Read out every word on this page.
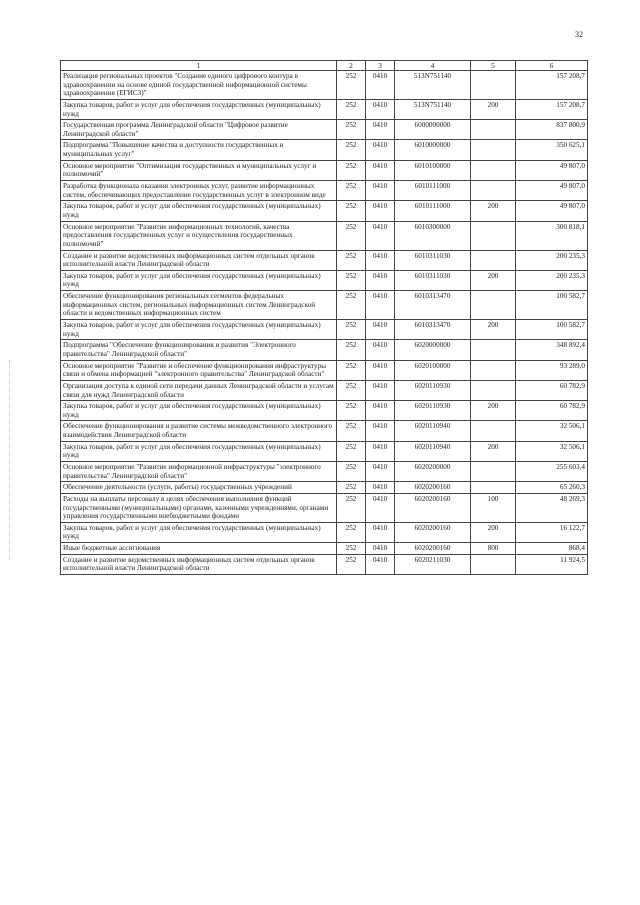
32
1	2	3	4	5	6
Реализация региональных проектов "Создание единого цифрового контура в здравоохранении на основе единой государственной информационной системы здравоохранения (ЕГИСЗ)"	252	0410	513N751140		157 208,7
Закупка товаров, работ и услуг для обеспечения государственных (муниципальных) нужд	252	0410	513N751140	200	157 208,7
Государственная программа Ленинградской области "Цифровое развитие Ленинградской области"	252	0410	6000000000		837 800,9
Подпрограмма "Повышение качества и доступности государственных и муниципальных услуг"	252	0410	6010000000		350 625,1
Основное мероприятие "Оптимизация государственных и муниципальных услуг и полномочий"	252	0410	6010100000		49 807,0
Разработка функционала оказания электронных услуг, развитие информационных систем, обеспечивающих предоставление государственных услуг в электронном виде	252	0410	6010111000		49 807,0
Закупка товаров, работ и услуг для обеспечения государственных (муниципальных) нужд	252	0410	6010111000	200	49 807,0
Основное мероприятие "Развитие информационных технологий, качества предоставления государственных услуг и осуществления государственных полномочий"	252	0410	6010300000		300 818,1
Создание и развитие ведомственных информационных систем отдельных органов исполнительной власти Ленинградской области	252	0410	6010311030		200 235,3
Закупка товаров, работ и услуг для обеспечения государственных (муниципальных) нужд	252	0410	6010311030	200	200 235,3
Обеспечение функционирования региональных сегментов федеральных информационных систем, региональных информационных систем Ленинградской области и ведомственных информационных систем	252	0410	6010313470		100 582,7
Закупка товаров, работ и услуг для обеспечения государственных (муниципальных) нужд	252	0410	6010313470	200	100 582,7
Подпрограмма "Обеспечение функционирования и развития "Электронного правительства" Ленинградской области"	252	0410	6020000000		348 892,4
Основное мероприятие "Развитие и обеспечение функционирования инфраструктуры связи и обмена информацией "электронного правительства" Ленинградской области"	252	0410	6020100000		93 289,0
Организация доступа к единой сети передачи данных Ленинградской области и услугам связи для нужд Ленинградской области	252	0410	6020110930		60 782,9
Закупка товаров, работ и услуг для обеспечения государственных (муниципальных) нужд	252	0410	6020110930	200	60 782,9
Обеспечение функционирования и развитие системы межведомственного электронного взаимодействия Ленинградской области	252	0410	6020110940		32 506,1
Закупка товаров, работ и услуг для обеспечения государственных (муниципальных) нужд	252	0410	6020110940	200	32 506,1
Основное мероприятие "Развитие информационной инфраструктуры "электронного правительства" Ленинградской области"	252	0410	6020200000		255 603,4
Обеспечение деятельности (услуги, работы) государственных учреждений	252	0410	6020200160		65 260,3
Расходы на выплаты персоналу в целях обеспечения выполнения функций государственными (муниципальными) органами, казенными учреждениями, органами управления государственными внебюджетными фондами	252	0410	6020200160	100	48 269,3
Закупка товаров, работ и услуг для обеспечения государственных (муниципальных) нужд	252	0410	6020200160	200	16 122,7
Иные бюджетные ассигнования	252	0410	6020200160	800	868,4
Создание и развитие ведомственных информационных систем отдельных органов исполнительной власти Ленинградской области	252	0410	6020211030		11 924,5
